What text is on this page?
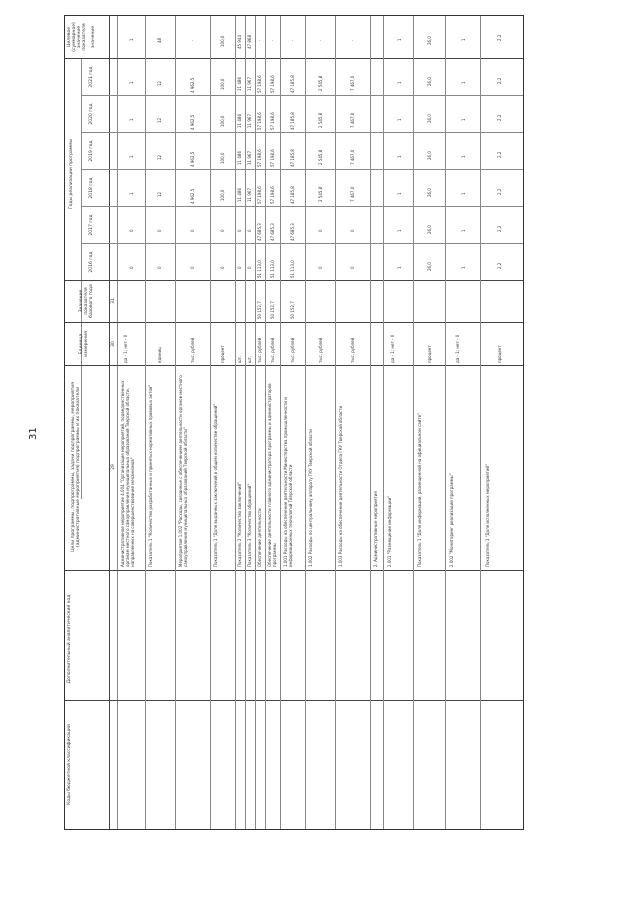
31
Коды бюджетной классификации
Дополнительный аналитический код
Цели программы, подпрограммы, задачи подпрограммы, мероприятия (административные мероприятия) подпрограммы и их показатели
Единица измерения
Значение показателя базового года
Годы реализации программы
Целевое (суммарное) значение показателя значение
2016 год
2017 год
2018 год
2019 год
2020 год
2021 год
29
30
31
Административное мероприятие 4.004 "Организация мероприятий, подведомственных органам местного самоуправления муниципальных образований Тверской области, направленных на совершенствование механизмов"
да - 1; нет - 0
0
0
1
1
1
1
1
Показатель 1 "Количество разработанных и принятых нормативных правовых актов"
единиц
0
0
12
12
12
12
48
Мероприятие 1.002 "Расходы, связанные с обеспечением деятельности органов местного самоуправления муниципальных образований Тверской области"
тыс. рублей
0
0
4 962,5
4 962,5
4 962,5
4 962,5
-
Показатель 1 "Доля выданных заключений в общем количестве обращений"
процент
0
0
100,0
100,0
100,0
100,0
100,0
Показатель 2 "Количество заключений"
шт.
0
0
11 486
11 486
11 486
11 486
45 944
Показатель 3 "Количество обращений"
шт.
0
0
11 967
11 967
11 967
11 967
47 868
Обеспечение деятельности
тыс. рублей
50 152,7
51 113,0
47 685,3
57 198,6
57 198,6
57 198,6
57 198,6
-
Обеспечение деятельности главного администратора программы и администраторов программы
тыс. рублей
50 152,7
51 113,0
47 685,3
57 198,6
57 198,6
57 198,6
57 198,6
-
1.001 Расходы на обеспечение деятельности Министерства промышленности и информационных технологий Тверской области
тыс. рублей
50 152,7
51 113,0
47 685,3
47 185,8
47 185,8
47 185,8
47 185,8
-
1.002 Расходы по центральному аппарату ГКУ Тверской области
тыс. рублей
0
0
2 545,8
2 545,8
2 545,8
2 545,8
-
1.003 Расходы на обеспечение деятельности Отдела ГКУ Тверской области
тыс. рублей
0
0
7 467,0
7 467,0
7 467,0
7 467,0
-
2. Административные мероприятия 2.001 "Размещение информации"
да - 1; нет - 0
1
1
1
1
1
1
1
Показатель 1 "Доля информации, размещенной на официальном сайте"
процент
26,0
26,0
26,0
26,0
26,0
26,0
26,0
2.002 "Мониторинг реализации программы"
да - 1; нет - 0
1
1
1
1
1
1
1
Показатель 1 "Доля исполненных мероприятий"
процент
2,2
2,2
2,2
2,2
2,2
2,2
2,2
